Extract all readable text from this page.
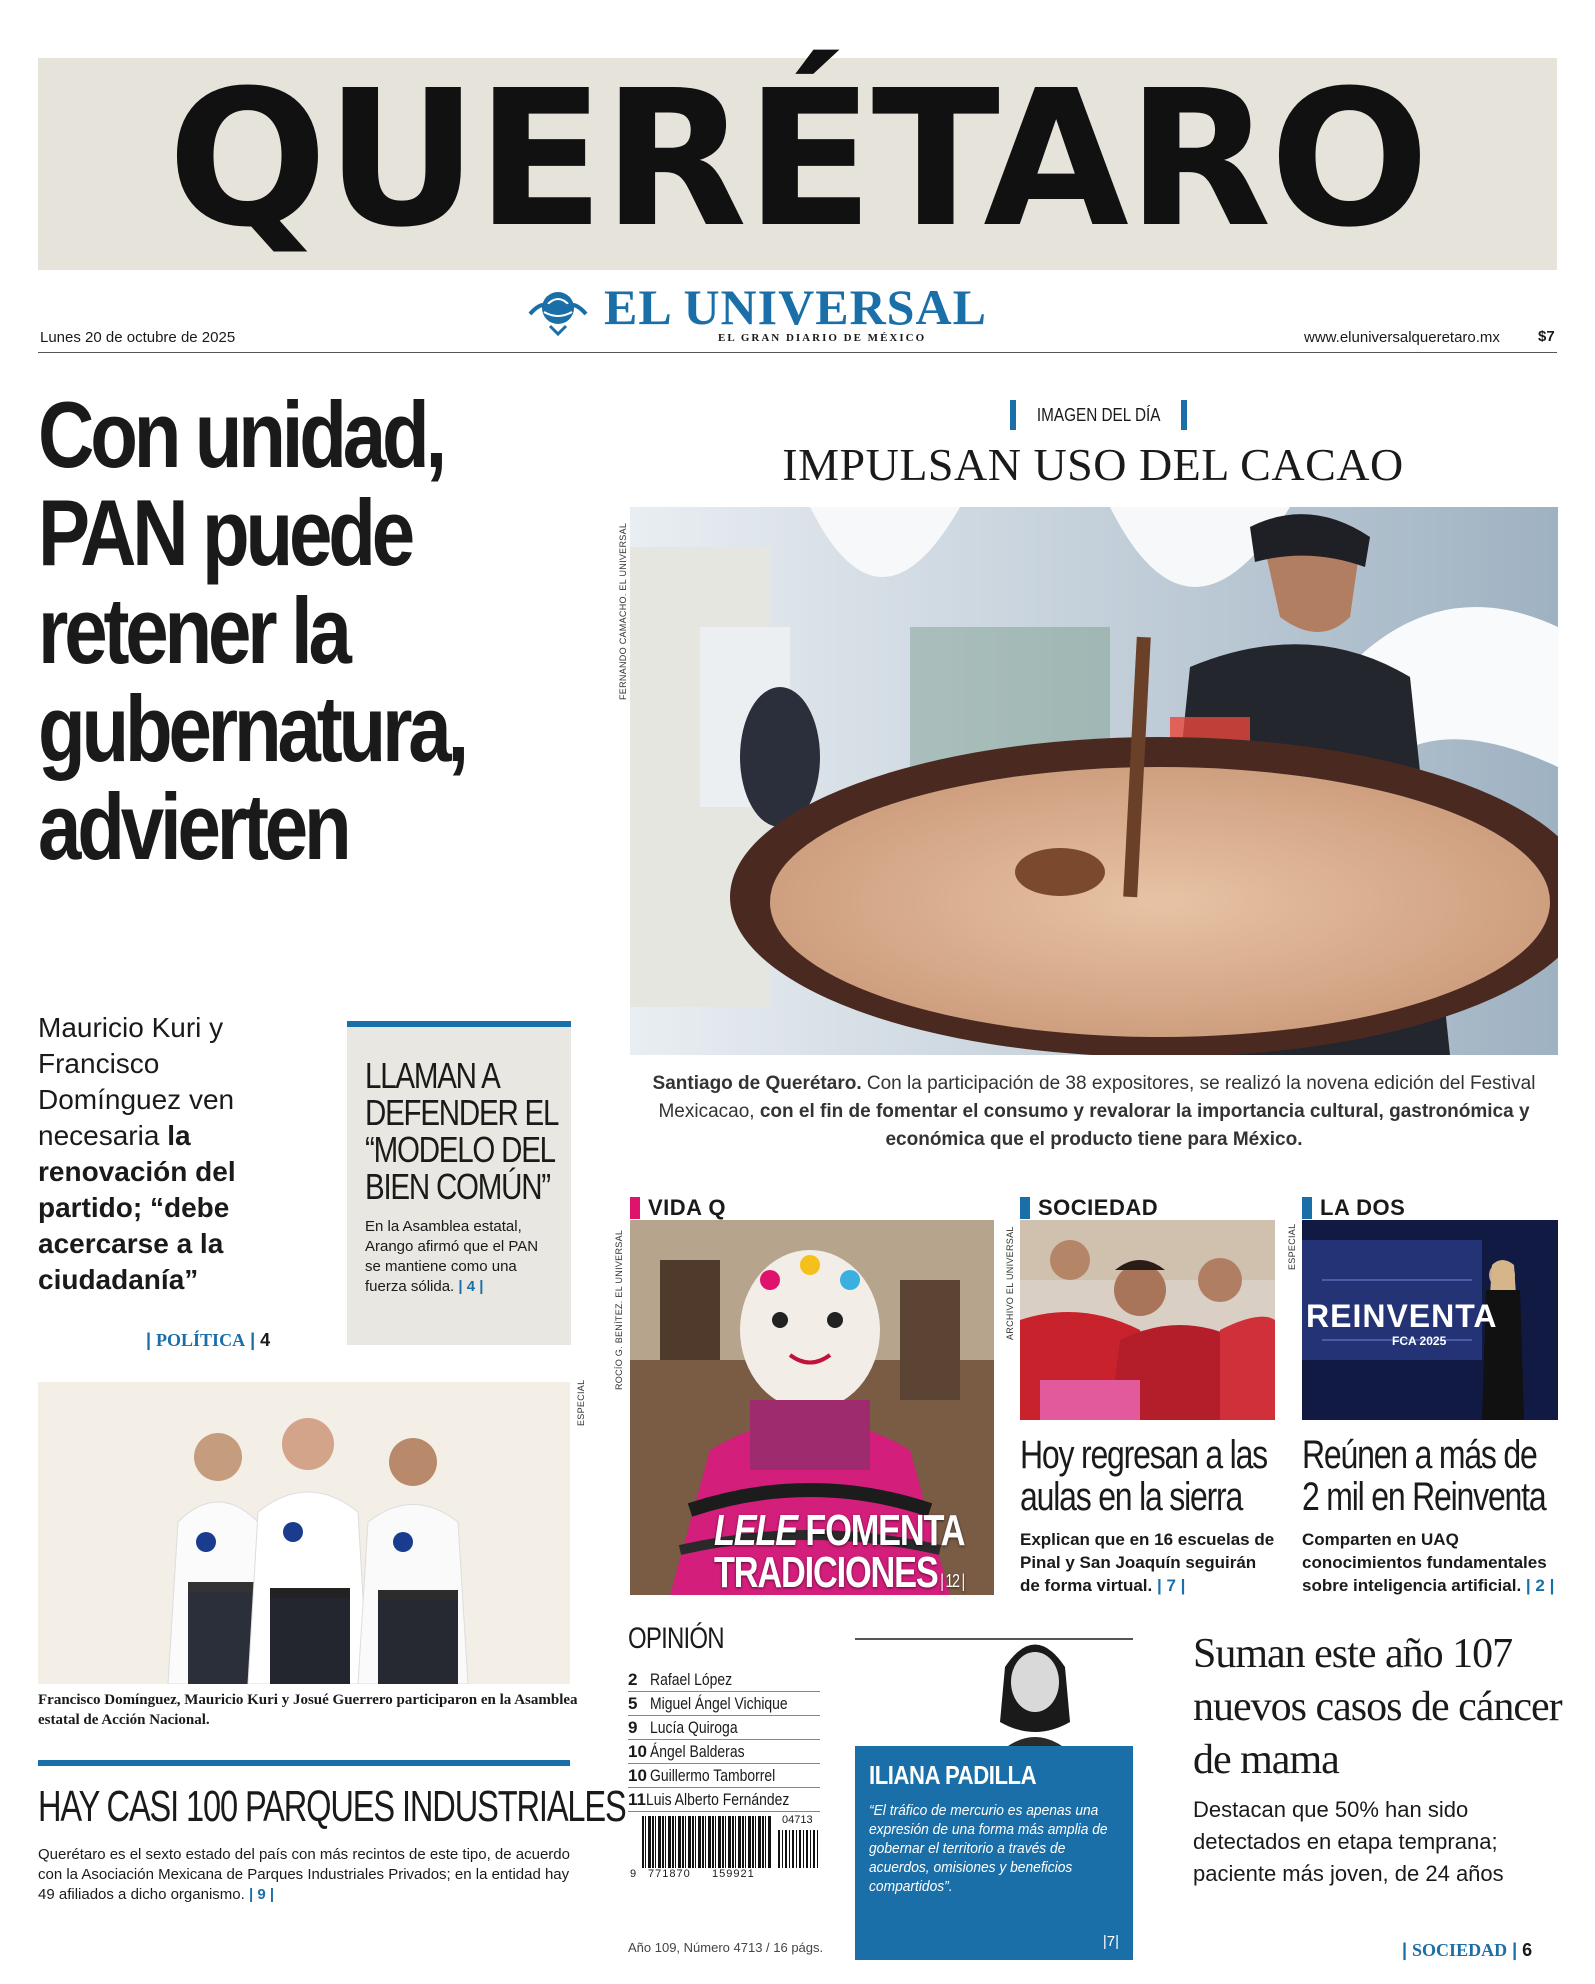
QUERÉTARO
EL UNIVERSAL
EL GRAN DIARIO DE MÉXICO
Lunes 20 de octubre de 2025	www.eluniversalqueretaro.mx	$7
Con unidad,
PAN puede
retener la
gubernatura,
advierten
Mauricio Kuri y Francisco Domínguez ven necesaria la renovación del partido; “debe acercarse a la ciudadanía”
| POLÍTICA | 4
LLAMAN A DEFENDER EL “MODELO DEL BIEN COMÚN”
En la Asamblea estatal, Arango afirmó que el PAN se mantiene como una fuerza sólida. | 4 |
ESPECIAL
Francisco Domínguez, Mauricio Kuri y Josué Guerrero participaron en la Asamblea estatal de Acción Nacional.
HAY CASI 100 PARQUES INDUSTRIALES
Querétaro es el sexto estado del país con más recintos de este tipo, de acuerdo con la Asociación Mexicana de Parques Industriales Privados; en la entidad hay 49 afiliados a dicho organismo. | 9 |
IMAGEN DEL DÍA
IMPULSAN USO DEL CACAO
FERNANDO CAMACHO. EL UNIVERSAL
Santiago de Querétaro. Con la participación de 38 expositores, se realizó la novena edición del Festival Mexicacao, con el fin de fomentar el consumo y revalorar la importancia cultural, gastronómica y económica que el producto tiene para México.
VIDA Q
LELE FOMENTA
TRADICIONES | 12 |
ROCÍO G. BENÍTEZ. EL UNIVERSAL
SOCIEDAD
ARCHIVO EL UNIVERSAL
Hoy regresan a las aulas en la sierra
Explican que en 16 escuelas de Pinal y San Joaquín seguirán de forma virtual. | 7 |
LA DOS
REINVENTA
FCA 2025
ESPECIAL
Reúnen a más de 2 mil en Reinventa
Comparten en UAQ conocimientos fundamentales sobre inteligencia artificial. | 2 |
OPINIÓN
2 Rafael López
5 Miguel Ángel Vichique
9 Lucía Quiroga
10 Ángel Balderas
10 Guillermo Tamborrel
11 Luis Alberto Fernández
04713
9 771870 159921
Año 109, Número 4713 / 16 págs.
ILIANA PADILLA
“El tráfico de mercurio es apenas una expresión de una forma más amplia de gobernar el territorio a través de acuerdos, omisiones y beneficios compartidos”.
|7|
Suman este año 107 nuevos casos de cáncer de mama
Destacan que 50% han sido detectados en etapa temprana; paciente más joven, de 24 años
| SOCIEDAD | 6
